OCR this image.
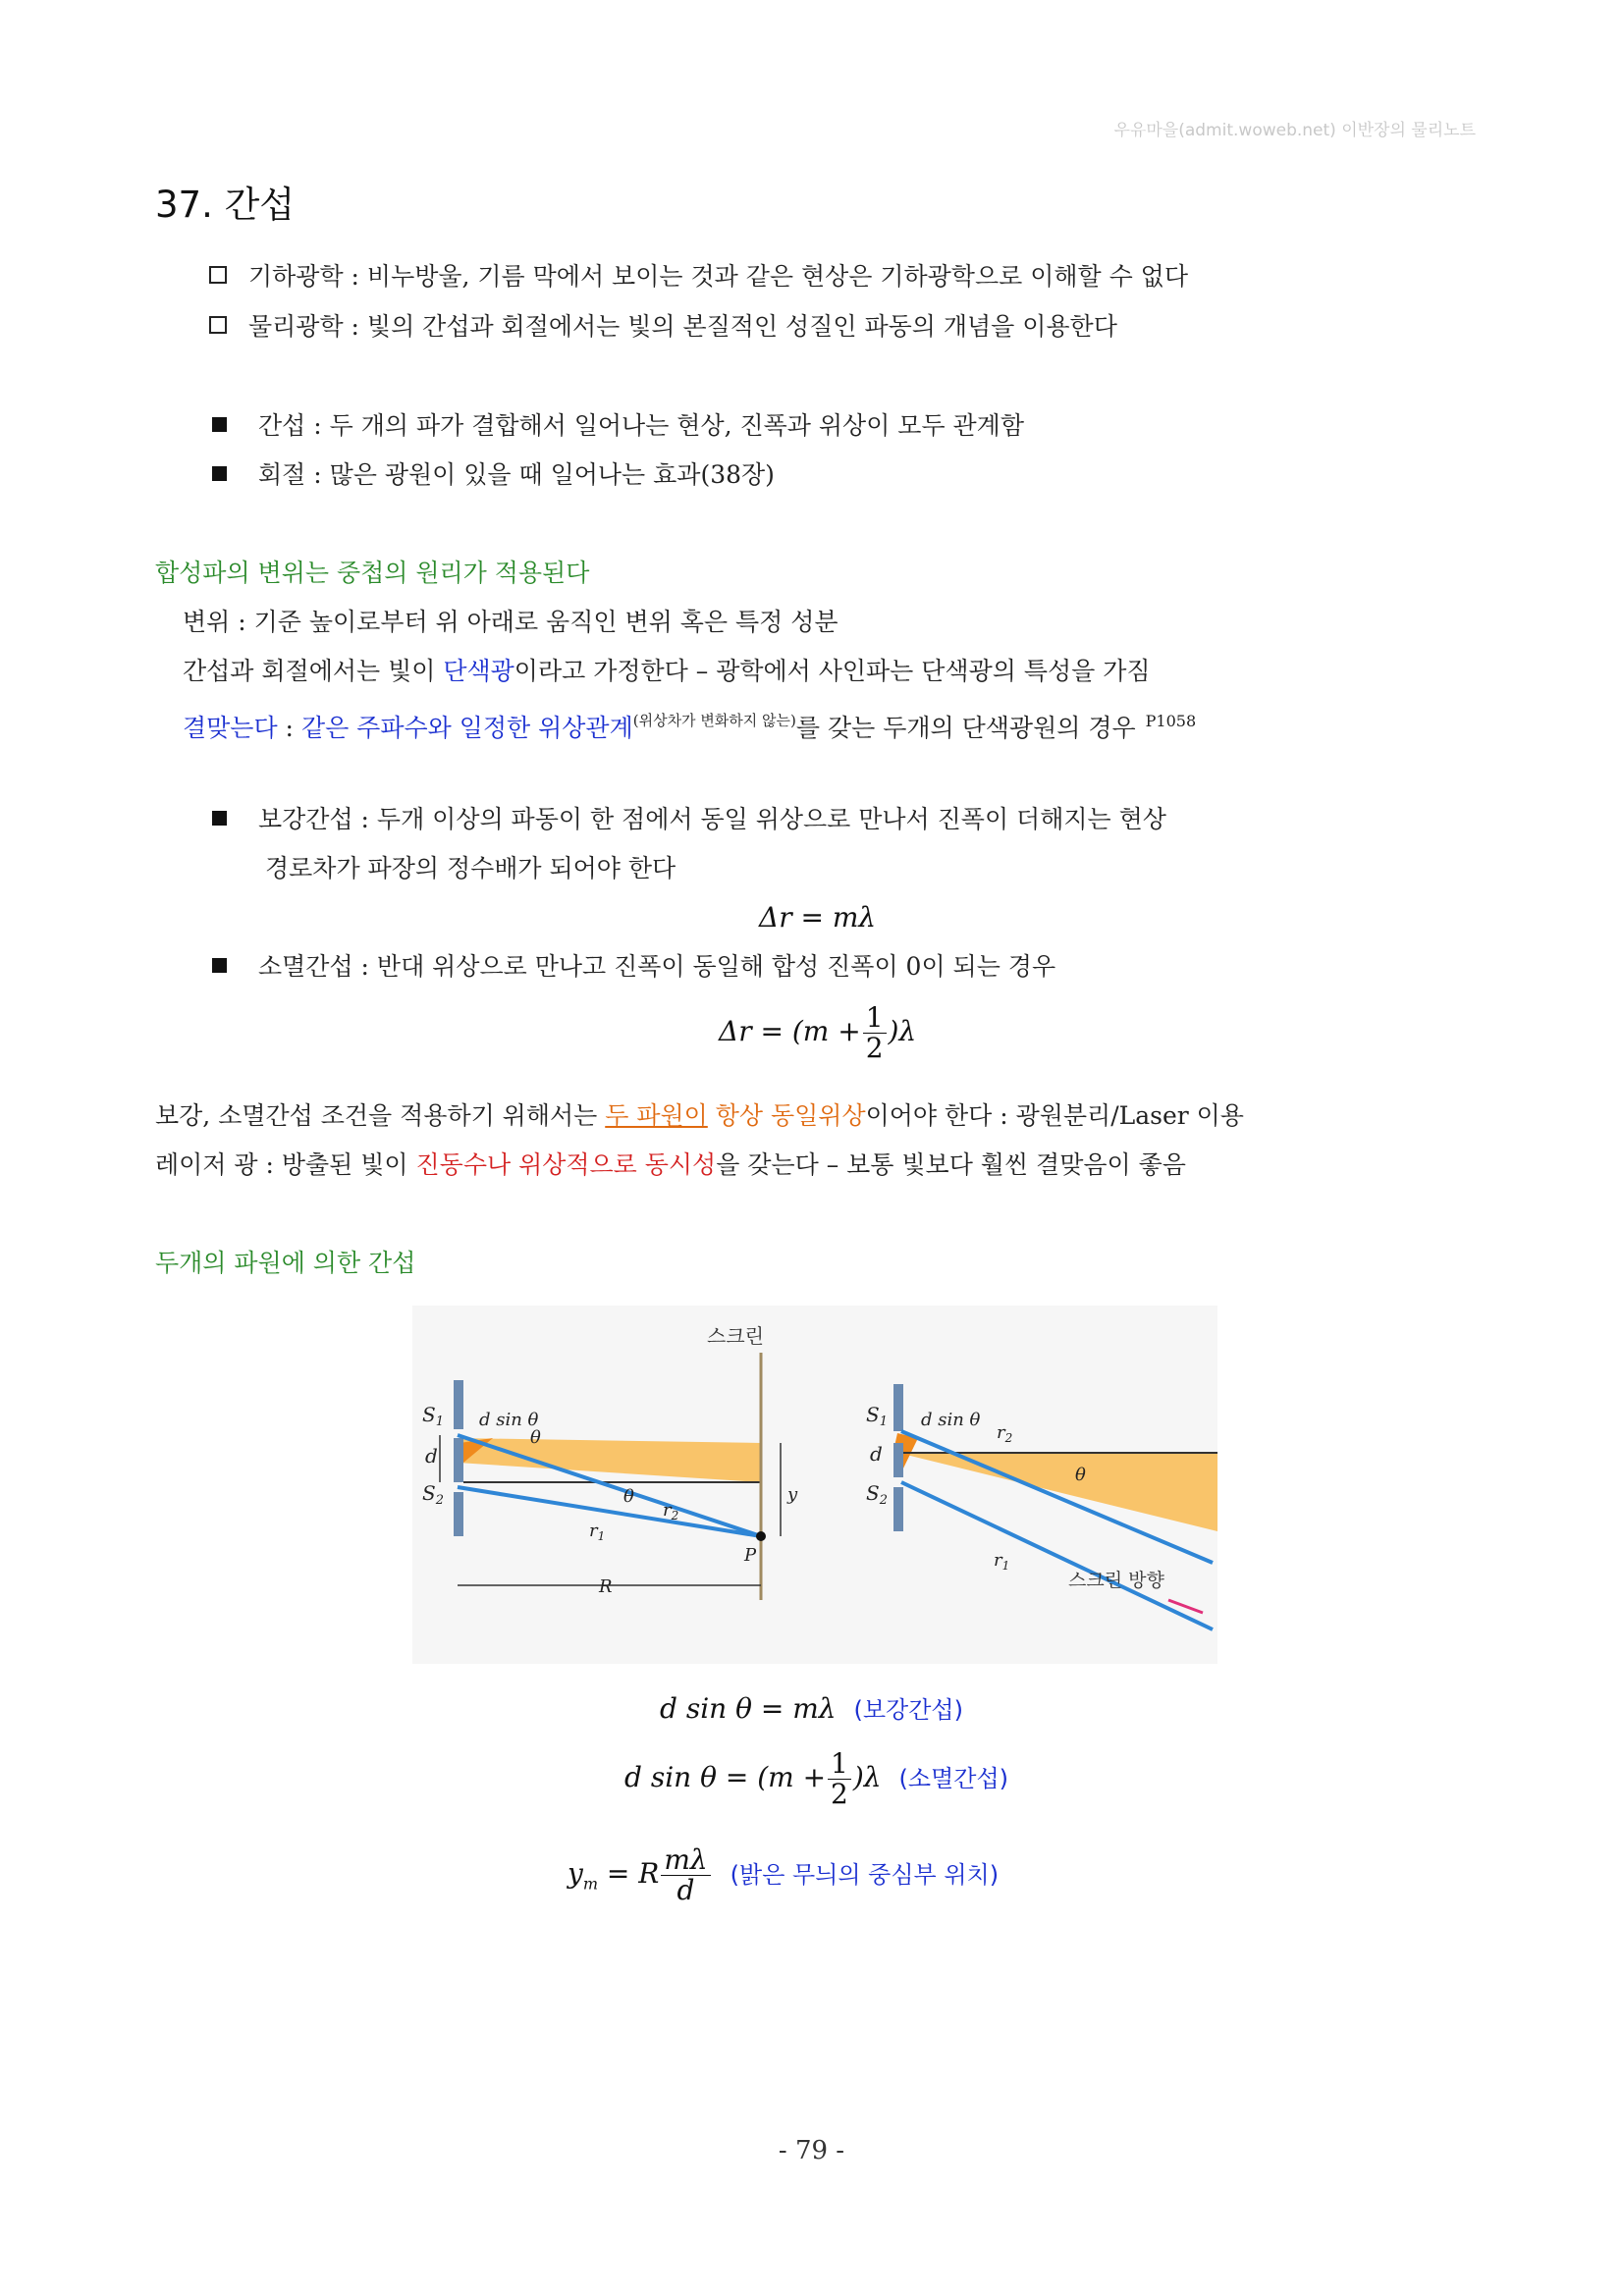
우유마을(admit.woweb.net) 이반장의 물리노트
37. 간섭
기하광학 : 비누방울, 기름 막에서 보이는 것과 같은 현상은 기하광학으로 이해할 수 없다
물리광학 : 빛의 간섭과 회절에서는 빛의 본질적인 성질인 파동의 개념을 이용한다
간섭 : 두 개의 파가 결합해서 일어나는 현상, 진폭과 위상이 모두 관계함
회절 : 많은 광원이 있을 때 일어나는 효과(38장)
합성파의 변위는 중첩의 원리가 적용된다
변위 : 기준 높이로부터 위 아래로 움직인 변위 혹은 특정 성분
간섭과 회절에서는 빛이 단색광이라고 가정한다 – 광학에서 사인파는 단색광의 특성을 가짐
결맞는다 : 같은 주파수와 일정한 위상관계$^{(위상차가 변화하지 않는)}$를 갖는 두개의 단색광원의 경우 $^{P1058}$
보강간섭 : 두개 이상의 파동이 한 점에서 동일 위상으로 만나서 진폭이 더해지는 현상
경로차가 파장의 정수배가 되어야 한다
Δr = mλ
소멸간섭 : 반대 위상으로 만나고 진폭이 동일해 합성 진폭이 0이 되는 경우
$\Delta r = (m + \frac{1}{2} )\lambda$
보강, 소멸간섭 조건을 적용하기 위해서는 두 파원이 항상 동일위상이어야 한다 : 광원분리/Laser 이용
레이저 광 : 방출된 빛이 진동수나 위상적으로 동시성을 갖는다 – 보통 빛보다 훨씬 결맞음이 좋음
두개의 파원에 의한 간섭
스크린
$S_1$
$S_2$
d
d sin θ
θ
θ
$r_2$
$r_1$
y
P
R
$S_1$
$S_2$
d
d sin θ
θ
$r_2$
$r_1$
스크린 방향
d sin θ = mλ (보강간섭)
d $\sin \theta = (m + \frac{1}{2} )\lambda$ (소멸간섭)
$y_m = R \frac{m\lambda}{d}$ (밝은 무늬의 중심부 위치)
- 79 -
